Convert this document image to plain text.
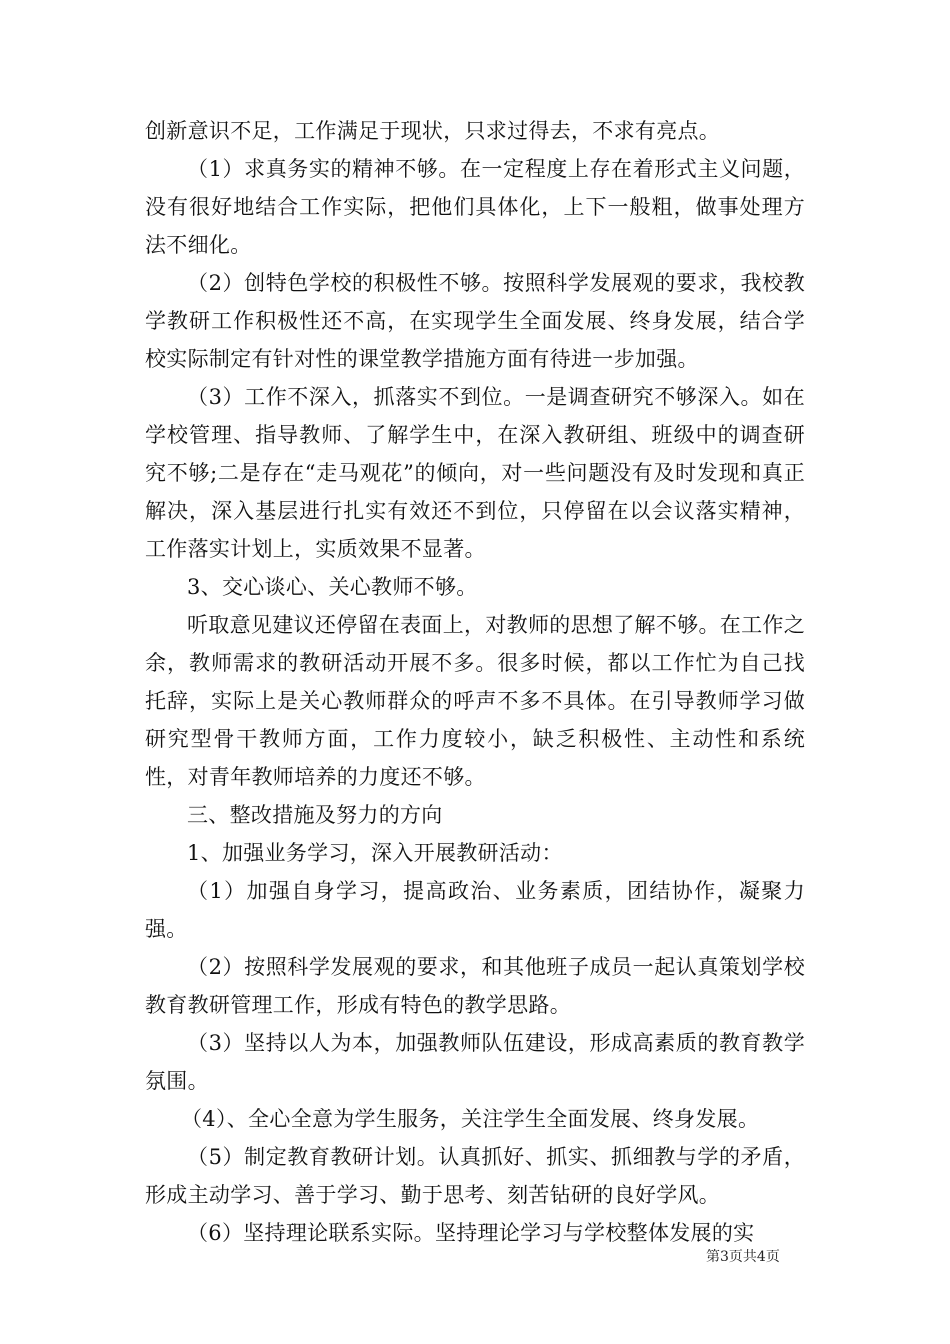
创新意识不足，工作满足于现状，只求过得去，不求有亮点。

（1）求真务实的精神不够。在一定程度上存在着形式主义问题，没有很好地结合工作实际，把他们具体化，上下一般粗，做事处理方法不细化。

（2）创特色学校的积极性不够。按照科学发展观的要求，我校教学教研工作积极性还不高，在实现学生全面发展、终身发展，结合学校实际制定有针对性的课堂教学措施方面有待进一步加强。

（3）工作不深入，抓落实不到位。一是调查研究不够深入。如在学校管理、指导教师、了解学生中，在深入教研组、班级中的调查研究不够;二是存在“走马观花”的倾向，对一些问题没有及时发现和真正解决，深入基层进行扎实有效还不到位，只停留在以会议落实精神，工作落实计划上，实质效果不显著。

3、交心谈心、关心教师不够。

听取意见建议还停留在表面上，对教师的思想了解不够。在工作之余，教师需求的教研活动开展不多。很多时候，都以工作忙为自己找托辞，实际上是关心教师群众的呼声不多不具体。在引导教师学习做研究型骨干教师方面，工作力度较小，缺乏积极性、主动性和系统性，对青年教师培养的力度还不够。

三、整改措施及努力的方向

1、加强业务学习，深入开展教研活动：

（1）加强自身学习，提高政治、业务素质，团结协作，凝聚力强。

（2）按照科学发展观的要求，和其他班子成员一起认真策划学校教育教研管理工作，形成有特色的教学思路。

（3）坚持以人为本，加强教师队伍建设，形成高素质的教育教学氛围。

（4）、全心全意为学生服务，关注学生全面发展、终身发展。

（5）制定教育教研计划。认真抓好、抓实、抓细教与学的矛盾，形成主动学习、善于学习、勤于思考、刻苦钻研的良好学风。

（6）坚持理论联系实际。坚持理论学习与学校整体发展的实

第3页共4页
